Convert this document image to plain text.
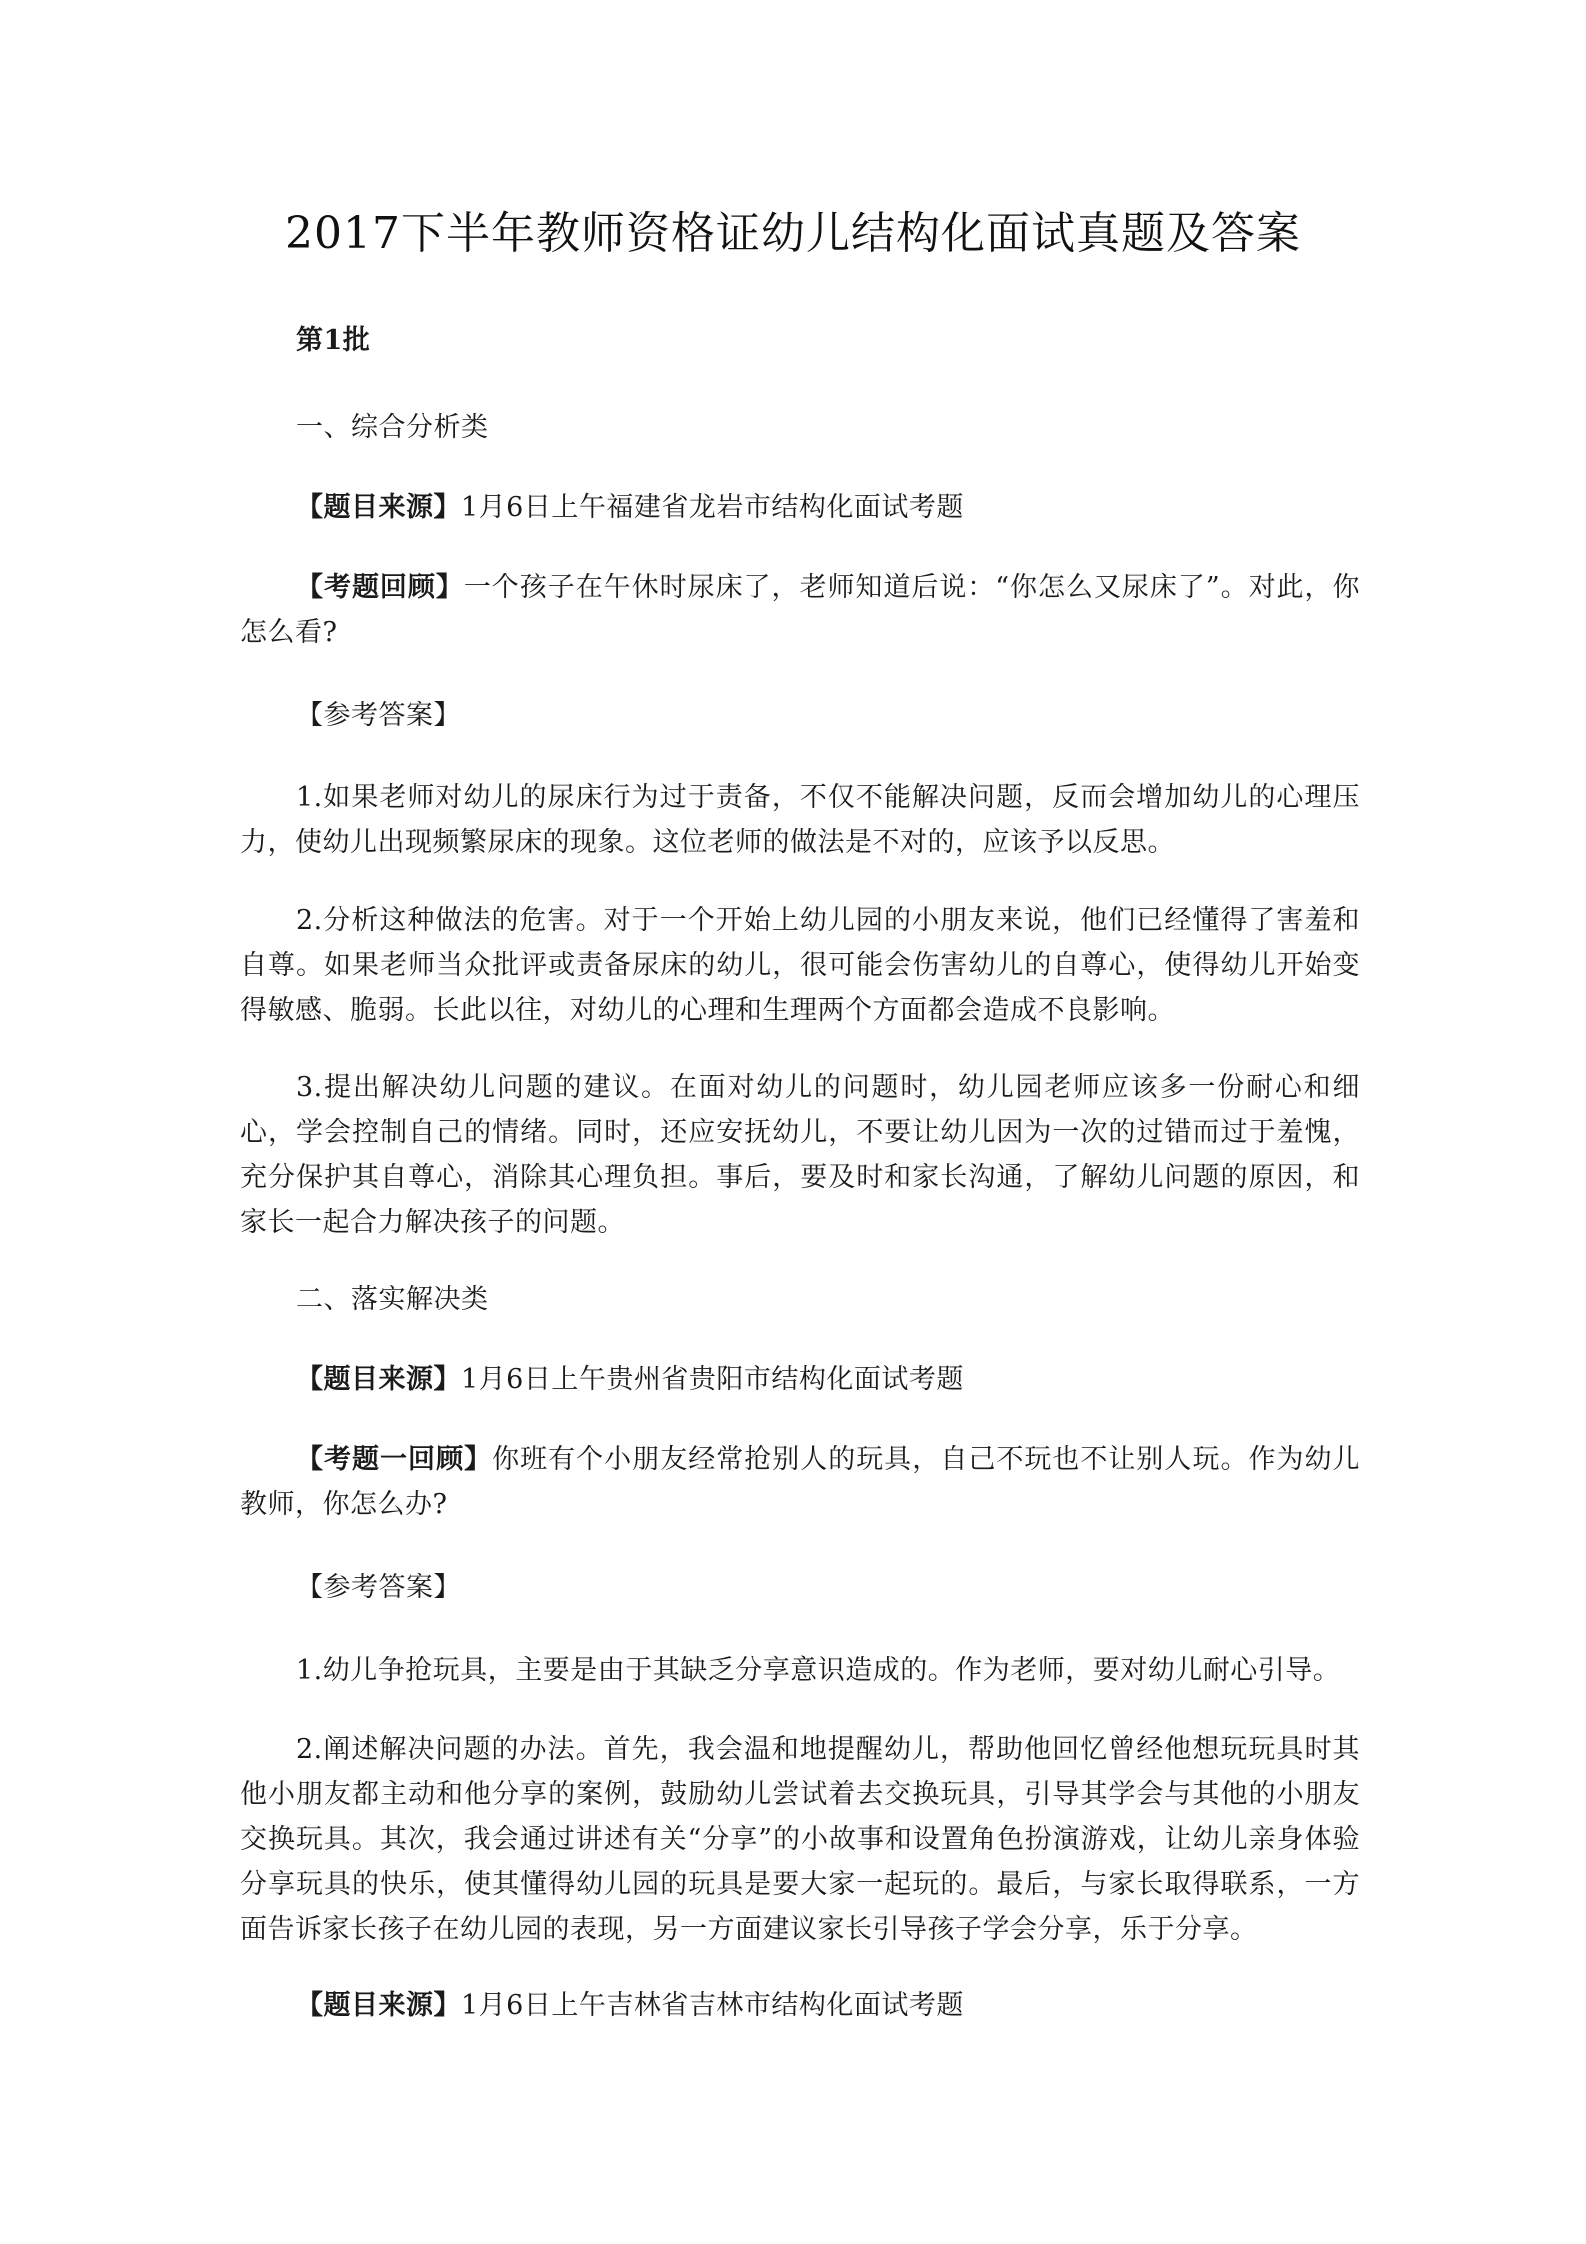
2017下半年教师资格证幼儿结构化面试真题及答案

第1批

一、综合分析类

【题目来源】1月6日上午福建省龙岩市结构化面试考题

【考题回顾】一个孩子在午休时尿床了，老师知道后说：“你怎么又尿床了”。对此，你怎么看?

【参考答案】

1.如果老师对幼儿的尿床行为过于责备，不仅不能解决问题，反而会增加幼儿的心理压力，使幼儿出现频繁尿床的现象。这位老师的做法是不对的，应该予以反思。

2.分析这种做法的危害。对于一个开始上幼儿园的小朋友来说，他们已经懂得了害羞和自尊。如果老师当众批评或责备尿床的幼儿，很可能会伤害幼儿的自尊心，使得幼儿开始变得敏感、脆弱。长此以往，对幼儿的心理和生理两个方面都会造成不良影响。

3.提出解决幼儿问题的建议。在面对幼儿的问题时，幼儿园老师应该多一份耐心和细心，学会控制自己的情绪。同时，还应安抚幼儿，不要让幼儿因为一次的过错而过于羞愧，充分保护其自尊心，消除其心理负担。事后，要及时和家长沟通，了解幼儿问题的原因，和家长一起合力解决孩子的问题。

二、落实解决类

【题目来源】1月6日上午贵州省贵阳市结构化面试考题

【考题一回顾】你班有个小朋友经常抢别人的玩具，自己不玩也不让别人玩。作为幼儿教师，你怎么办?

【参考答案】

1.幼儿争抢玩具，主要是由于其缺乏分享意识造成的。作为老师，要对幼儿耐心引导。

2.阐述解决问题的办法。首先，我会温和地提醒幼儿，帮助他回忆曾经他想玩玩具时其他小朋友都主动和他分享的案例，鼓励幼儿尝试着去交换玩具，引导其学会与其他的小朋友交换玩具。其次，我会通过讲述有关“分享”的小故事和设置角色扮演游戏，让幼儿亲身体验分享玩具的快乐，使其懂得幼儿园的玩具是要大家一起玩的。最后，与家长取得联系，一方面告诉家长孩子在幼儿园的表现，另一方面建议家长引导孩子学会分享，乐于分享。

【题目来源】1月6日上午吉林省吉林市结构化面试考题
